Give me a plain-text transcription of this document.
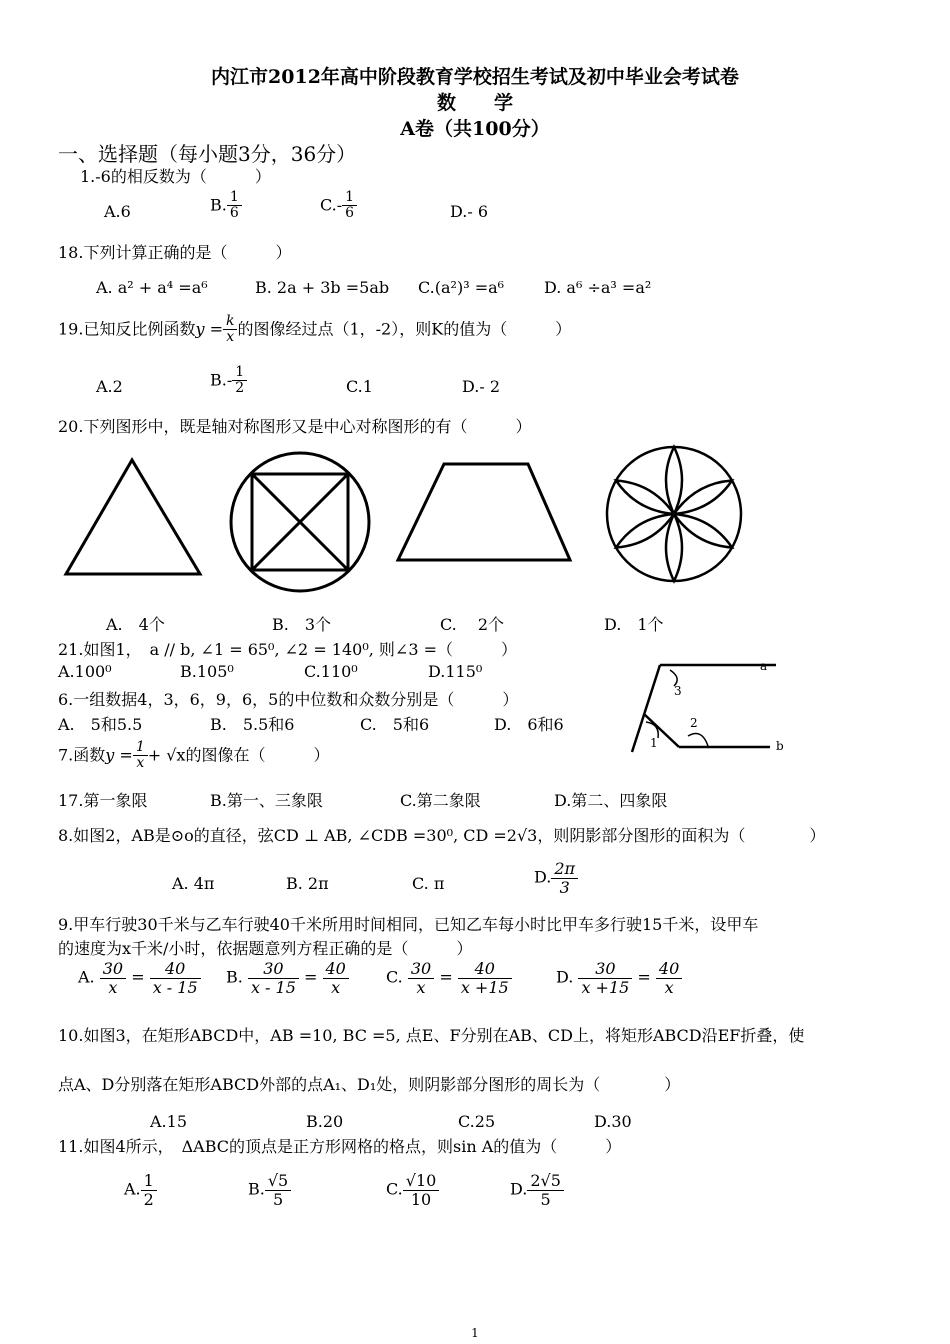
内江市2012年高中阶段教育学校招生考试及初中毕业会考试卷
数　　学
A卷（共100分）
一、选择题（每小题3分，36分）
1.-6的相反数为（　　　）
A.6	B. $\frac{1}{6}$	$C.- \frac{1}{6}$	D.- 6
18.下列计算正确的是（　　　）
A. a² + a⁴ =a⁶	B. 2a + 3b =5ab C.(a²)³ =a⁶ D. a⁶ ÷a³ =a²
19.已知反比例函数$y = \frac{k}{x}$ 的图像经过点（1，-2），则K的值为（　　　）
A.2	$B.- \frac{1}{2}$	C.1	D.- 2
20.下列图形中，既是轴对称图形又是中心对称图形的有（　　　）
A.　4个	B.　3个	C.　 2个	D.　1个
21.如图1，　a // b, ∠1 = 65⁰, ∠2 = 140⁰, 则∠3 =（　　　）
A.100⁰	B.105⁰	C.110⁰	D.115⁰	a
b
1
2
3
6.一组数据4，3，6，9，6，5的中位数和众数分别是（　　　）
A.　5和5.5	B.　5.5和6	C.　5和6	D.　6和6
7.函数$y = \frac{1}{x} + √x$的图像在（　　　）
17.第一象限	B.第一、三象限	C.第二象限	D.第二、四象限
8.如图2，AB是⊙o的直径，弦CD ⊥ AB, ∠CDB =30⁰, CD =2√3，则阴影部分图形的面积为（　　　　）
A. 4π	B. 2π	C. π	D. $\frac{2\pi}{3}$
9.甲车行驶30千米与乙车行驶40千米所用时间相同，已知乙车每小时比甲车多行驶15千米，设甲车
的速度为x千米/小时，依据题意列方程正确的是（　　　）
A. $\frac{30}{x} = \frac{40}{x - 15} B$. $\frac{30}{x - 15} = \frac{40}{x} C$. $\frac{30}{x} = \frac{40}{x +15}$	D. $\frac{30}{x +15} = \frac{40}{x}$
10.如图3，在矩形ABCD中，AB =10, BC =5, 点E、F分别在AB、CD上，将矩形ABCD沿EF折叠，使
点A、D分别落在矩形ABCD外部的点A₁、D₁处，则阴影部分图形的周长为（　　　　）
A.15	B.20	C.25	D.30
11.如图4所示，　ΔABC的顶点是正方形网格的格点，则sin A的值为（　　　）
A. $\frac{1}{2}$	B. $\frac{√5}{5}$	C. $\frac{√10}{10}$	D. $\frac{2√5}{5}$
1
